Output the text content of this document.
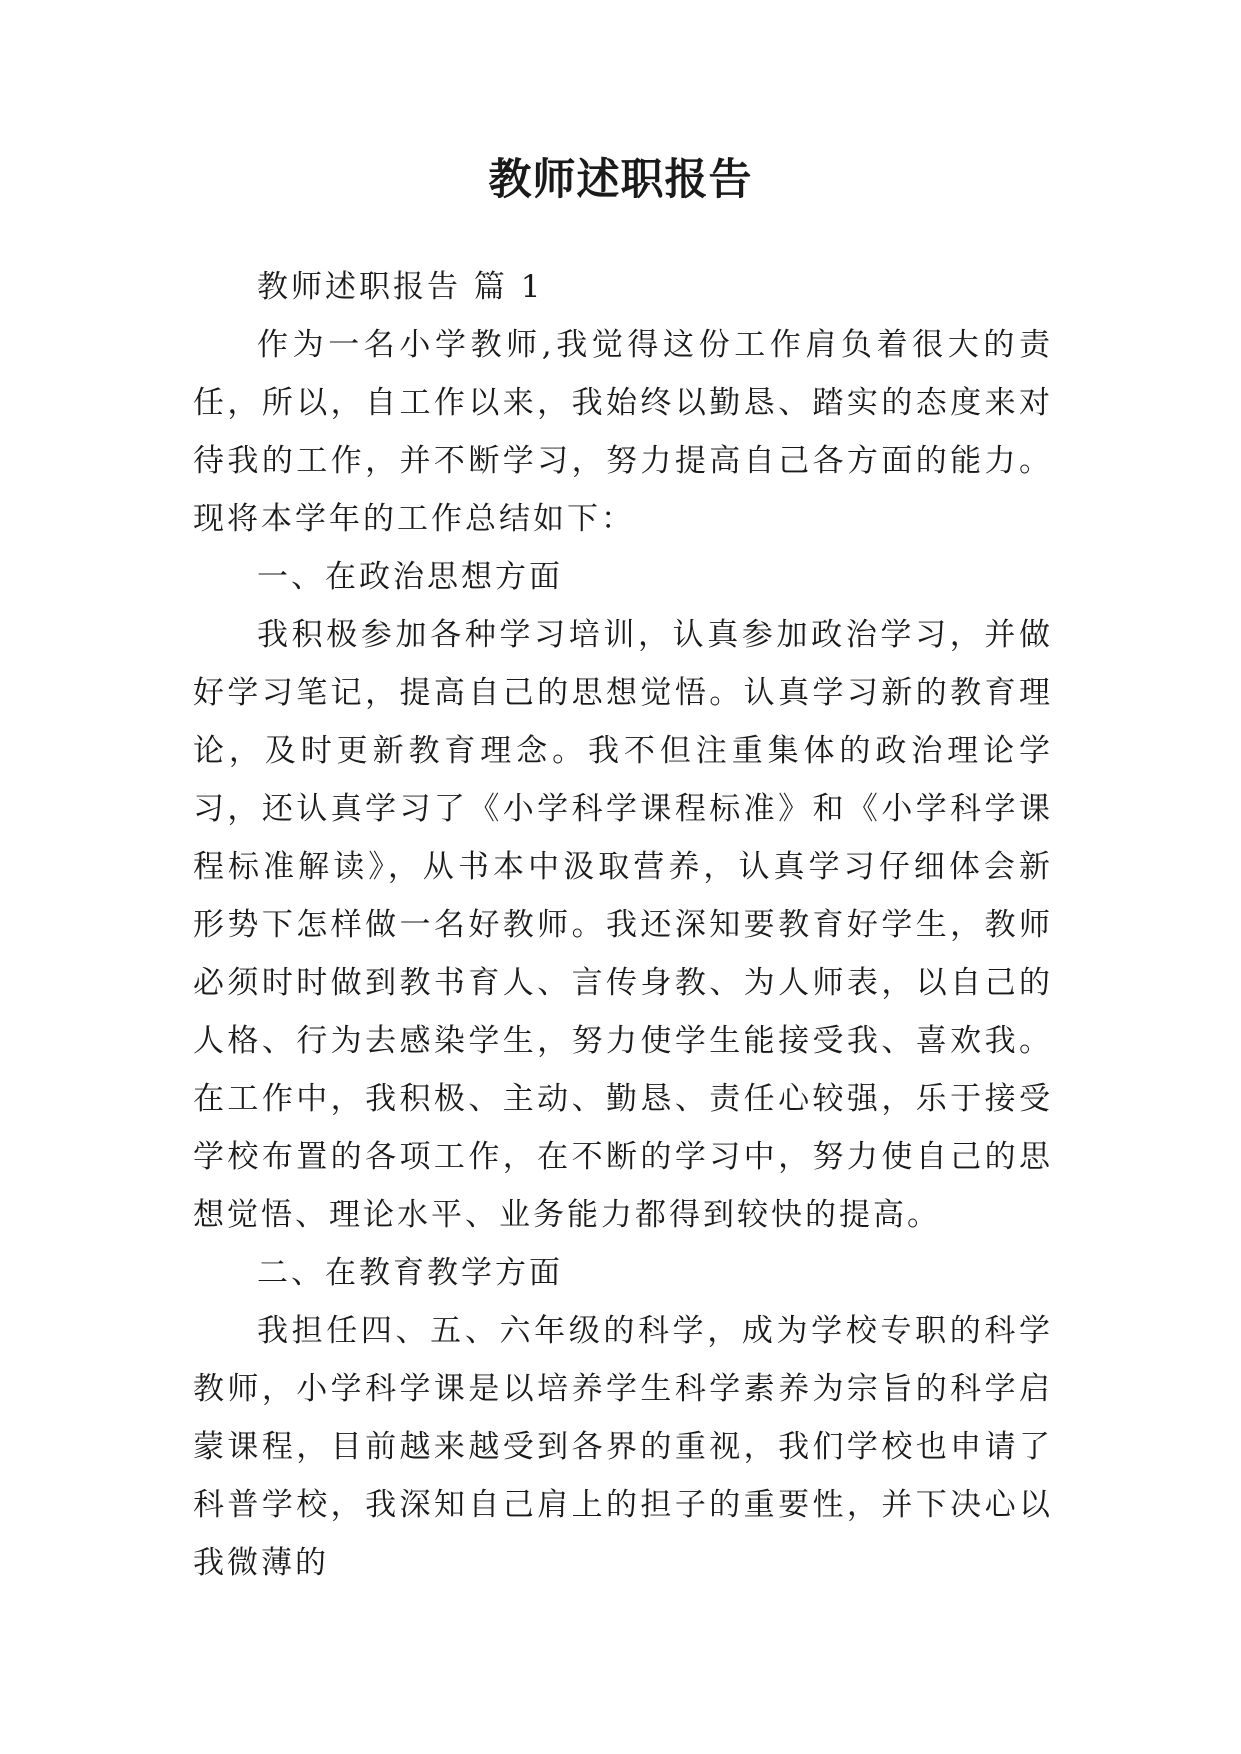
教师述职报告

教师述职报告 篇 1

作为一名小学教师,我觉得这份工作肩负着很大的责任，所以，自工作以来，我始终以勤恳、踏实的态度来对待我的工作，并不断学习，努力提高自己各方面的能力。现将本学年的工作总结如下：

一、在政治思想方面

我积极参加各种学习培训，认真参加政治学习，并做好学习笔记，提高自己的思想觉悟。认真学习新的教育理论，及时更新教育理念。我不但注重集体的政治理论学习，还认真学习了《小学科学课程标准》和《小学科学课程标准解读》，从书本中汲取营养，认真学习仔细体会新形势下怎样做一名好教师。我还深知要教育好学生，教师必须时时做到教书育人、言传身教、为人师表，以自己的人格、行为去感染学生，努力使学生能接受我、喜欢我。在工作中，我积极、主动、勤恳、责任心较强，乐于接受学校布置的各项工作，在不断的学习中，努力使自己的思想觉悟、理论水平、业务能力都得到较快的提高。

二、在教育教学方面

我担任四、五、六年级的科学，成为学校专职的科学教师，小学科学课是以培养学生科学素养为宗旨的科学启蒙课程，目前越来越受到各界的重视，我们学校也申请了科普学校，我深知自己肩上的担子的重要性，并下决心以我微薄的
